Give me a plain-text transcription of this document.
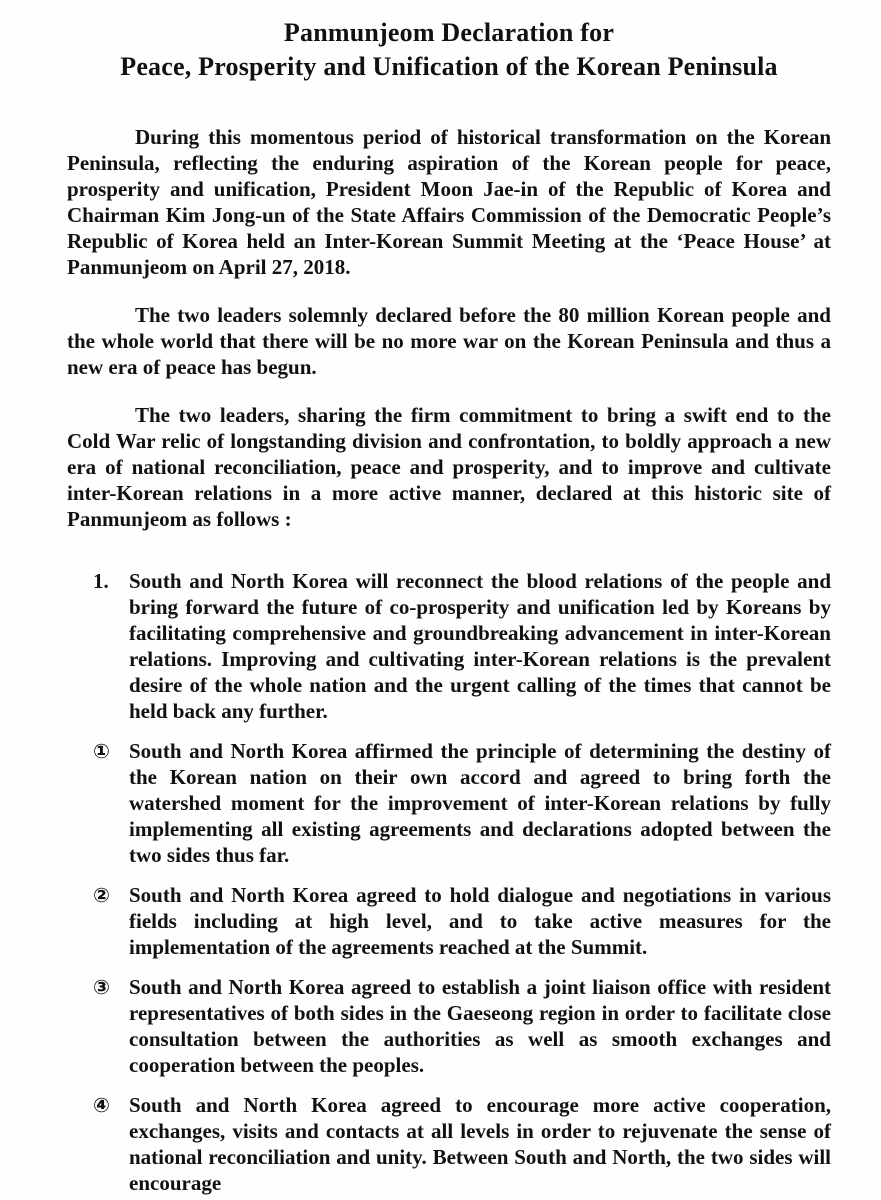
Panmunjeom Declaration for
Peace, Prosperity and Unification of the Korean Peninsula

During this momentous period of historical transformation on the Korean Peninsula, reflecting the enduring aspiration of the Korean people for peace, prosperity and unification, President Moon Jae-in of the Republic of Korea and Chairman Kim Jong-un of the State Affairs Commission of the Democratic People’s Republic of Korea held an Inter-Korean Summit Meeting at the ‘Peace House’ at Panmunjeom on April 27, 2018.

The two leaders solemnly declared before the 80 million Korean people and the whole world that there will be no more war on the Korean Peninsula and thus a new era of peace has begun.

The two leaders, sharing the firm commitment to bring a swift end to the Cold War relic of longstanding division and confrontation, to boldly approach a new era of national reconciliation, peace and prosperity, and to improve and cultivate inter-Korean relations in a more active manner, declared at this historic site of Panmunjeom as follows :

1. South and North Korea will reconnect the blood relations of the people and bring forward the future of co-prosperity and unification led by Koreans by facilitating comprehensive and groundbreaking advancement in inter-Korean relations. Improving and cultivating inter-Korean relations is the prevalent desire of the whole nation and the urgent calling of the times that cannot be held back any further.
① South and North Korea affirmed the principle of determining the destiny of the Korean nation on their own accord and agreed to bring forth the watershed moment for the improvement of inter-Korean relations by fully implementing all existing agreements and declarations adopted between the two sides thus far.
② South and North Korea agreed to hold dialogue and negotiations in various fields including at high level, and to take active measures for the implementation of the agreements reached at the Summit.
③ South and North Korea agreed to establish a joint liaison office with resident representatives of both sides in the Gaeseong region in order to facilitate close consultation between the authorities as well as smooth exchanges and cooperation between the peoples.
④ South and North Korea agreed to encourage more active cooperation, exchanges, visits and contacts at all levels in order to rejuvenate the sense of national reconciliation and unity. Between South and North, the two sides will encourage
